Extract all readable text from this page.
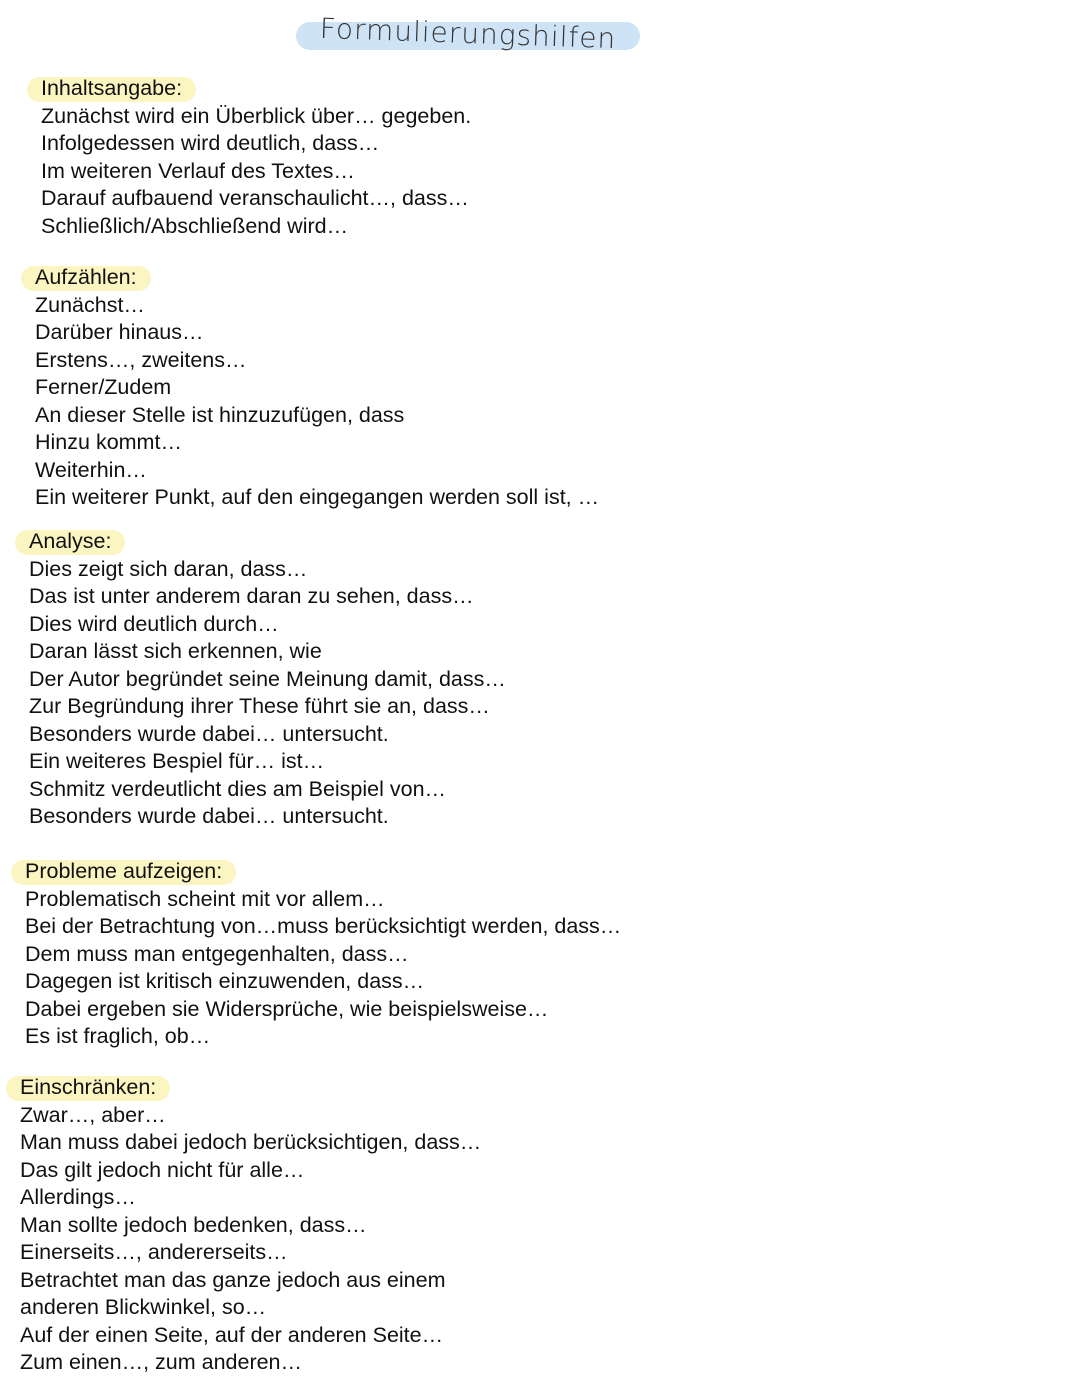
Formulierungshilfen
Inhaltsangabe:
Zunächst wird ein Überblick über… gegeben.
Infolgedessen wird deutlich, dass…
Im weiteren Verlauf des Textes…
Darauf aufbauend veranschaulicht…, dass…
Schließlich/Abschließend wird…
Aufzählen:
Zunächst…
Darüber hinaus…
Erstens…, zweitens…
Ferner/Zudem
An dieser Stelle ist hinzuzufügen, dass
Hinzu kommt…
Weiterhin…
Ein weiterer Punkt, auf den eingegangen werden soll ist, …
Analyse:
Dies zeigt sich daran, dass…
Das ist unter anderem daran zu sehen, dass…
Dies wird deutlich durch…
Daran lässt sich erkennen, wie
Der Autor begründet seine Meinung damit, dass…
Zur Begründung ihrer These führt sie an, dass…
Besonders wurde dabei… untersucht.
Ein weiteres Bespiel für… ist…
Schmitz verdeutlicht dies am Beispiel von…
Besonders wurde dabei… untersucht.
Probleme aufzeigen:
Problematisch scheint mit vor allem…
Bei der Betrachtung von…muss berücksichtigt werden, dass…
Dem muss man entgegenhalten, dass…
Dagegen ist kritisch einzuwenden, dass…
Dabei ergeben sie Widersprüche, wie beispielsweise…
Es ist fraglich, ob…
Einschränken:
Zwar…, aber…
Man muss dabei jedoch berücksichtigen, dass…
Das gilt jedoch nicht für alle…
Allerdings…
Man sollte jedoch bedenken, dass…
Einerseits…, andererseits…
Betrachtet man das ganze jedoch aus einem
anderen Blickwinkel, so…
Auf der einen Seite, auf der anderen Seite…
Zum einen…, zum anderen…
